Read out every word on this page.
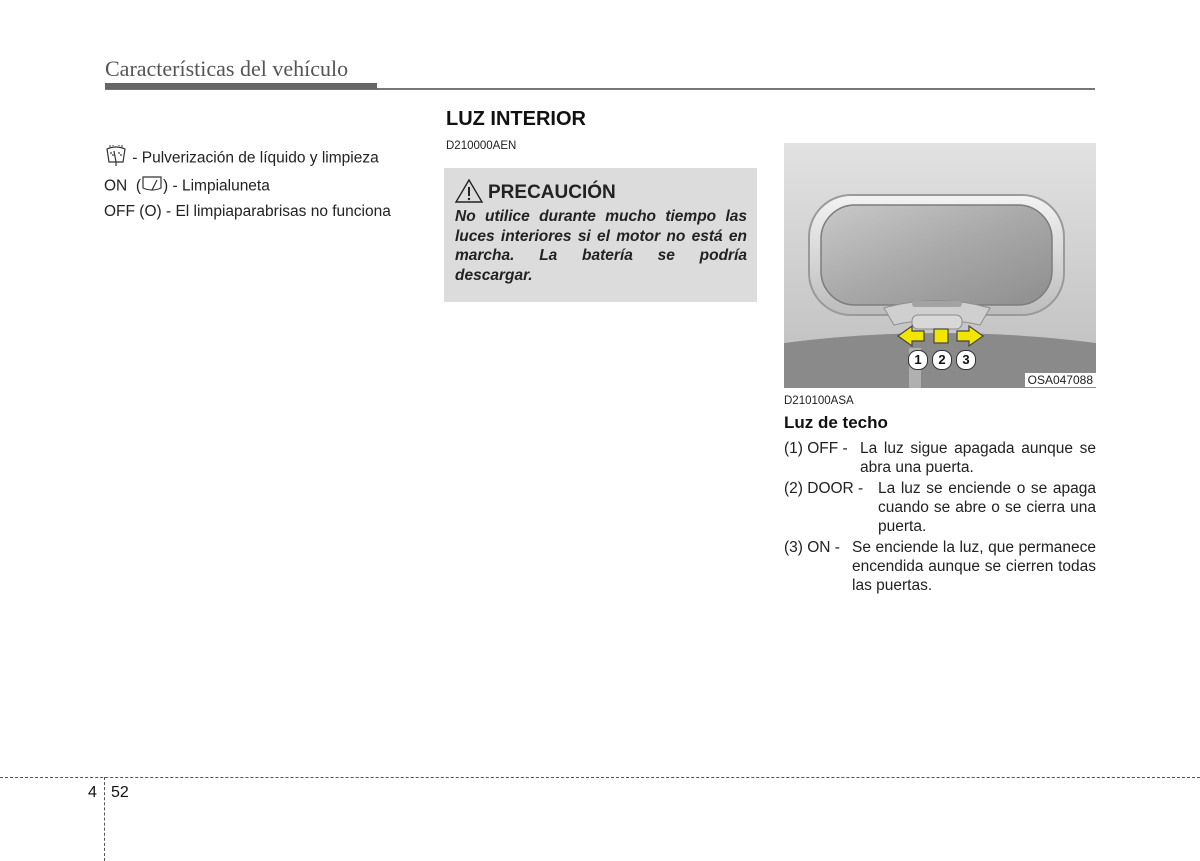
Características del vehículo
- Pulverización de líquido y limpieza
ON  ( ) - Limpialuneta
OFF (O) - El limpiaparabrisas no funciona
LUZ INTERIOR
D210000AEN
PRECAUCIÓN
No utilice durante mucho tiempo las luces interiores si el motor no está en marcha. La batería se podría descargar.
1	2	3
OSA047088
D210100ASA
Luz de techo
(1) OFF - La luz sigue apagada aunque se abra una puerta.
(2) DOOR - La luz se enciende o se apaga cuando se abre o se cierra una puerta.
(3) ON - Se enciende la luz, que permanece encendida aunque se cierren todas las puertas.
4 52
